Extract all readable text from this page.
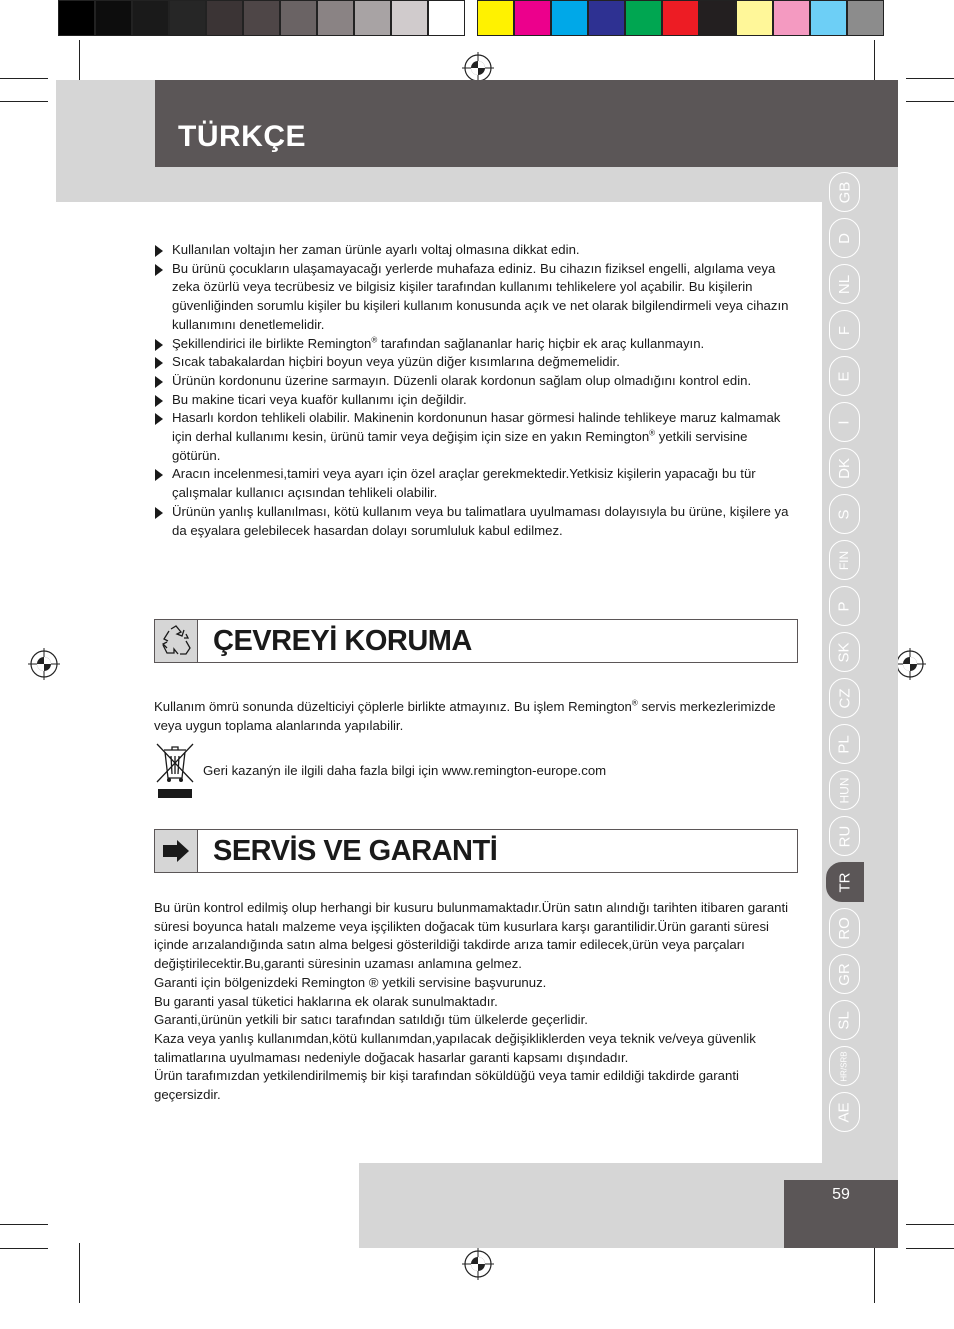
TÜRKÇE
GB
D
NL
F
E
I
DK
S
FIN
P
SK
CZ
PL
HUN
RU
TR
RO
GR
SL
HR/SRB
AE
Kullanılan voltajın her zaman ürünle ayarlı voltaj olmasına dikkat edin.
Bu ürünü çocukların ulaşamayacağı yerlerde muhafaza ediniz. Bu cihazın fiziksel engelli, algılama veya zeka özürlü veya tecrübesiz ve bilgisiz kişiler tarafından kullanımı tehlikelere yol açabilir. Bu kişilerin güvenliğinden sorumlu kişiler bu kişileri kullanım konusunda açık ve net olarak bilgilendirmeli veya cihazın kullanımını denetlemelidir.
Şekillendirici ile birlikte Remington® tarafından sağlananlar hariç hiçbir ek araç kullanmayın.
Sıcak tabakalardan hiçbiri boyun veya yüzün diğer kısımlarına değmemelidir.
Ürünün kordonunu üzerine sarmayın. Düzenli olarak kordonun sağlam olup olmadığını kontrol edin.
Bu makine ticari veya kuaför kullanımı için değildir.
Hasarlı kordon tehlikeli olabilir. Makinenin kordonunun hasar görmesi halinde tehlikeye maruz kalmamak için derhal kullanımı kesin, ürünü tamir veya değişim için size en yakın Remington® yetkili servisine götürün.
Aracın incelenmesi,tamiri veya ayarı için özel araçlar gerekmektedir.Yetkisiz kişilerin yapacağı bu tür çalışmalar kullanıcı açısından tehlikeli olabilir.
Ürünün yanlış kullanılması, kötü kullanım veya bu talimatlara uyulmaması dolayısıyla bu ürüne, kişilere ya da eşyalara gelebilecek hasardan dolayı sorumluluk kabul edilmez.
ÇEVREYİ KORUMA

Kullanım ömrü sonunda düzelticiyi çöplerle birlikte atmayınız. Bu işlem Remington® servis merkezlerimizde veya uygun toplama alanlarında yapılabilir.

Geri kazanýn ile ilgili daha fazla bilgi için www.remington-europe.com
SERVİS VE GARANTİ

Bu ürün kontrol edilmiş olup herhangi bir kusuru bulunmamaktadır.Ürün satın alındığı tarihten itibaren garanti süresi boyunca hatalı malzeme veya işçilikten doğacak tüm kusurlara karşı garantilidir.Ürün garanti süresi içinde arızalandığında satın alma belgesi gösterildiği takdirde arıza tamir edilecek,ürün veya parçaları değiştirilecektir.Bu,garanti süresinin uzaması anlamına gelmez.

Garanti için bölgenizdeki Remington ® yetkili servisine başvurunuz.

Bu garanti yasal tüketici haklarına ek olarak sunulmaktadır.

Garanti,ürünün yetkili bir satıcı tarafından satıldığı tüm ülkelerde geçerlidir.

Kaza veya yanlış kullanımdan,kötü kullanımdan,yapılacak değişikliklerden veya teknik ve/veya güvenlik talimatlarına uyulmaması nedeniyle doğacak hasarlar garanti kapsamı dışındadır.

Ürün tarafımızdan yetkilendirilmemiş bir kişi tarafından söküldüğü veya tamir edildiği takdirde garanti geçersizdir.

59
